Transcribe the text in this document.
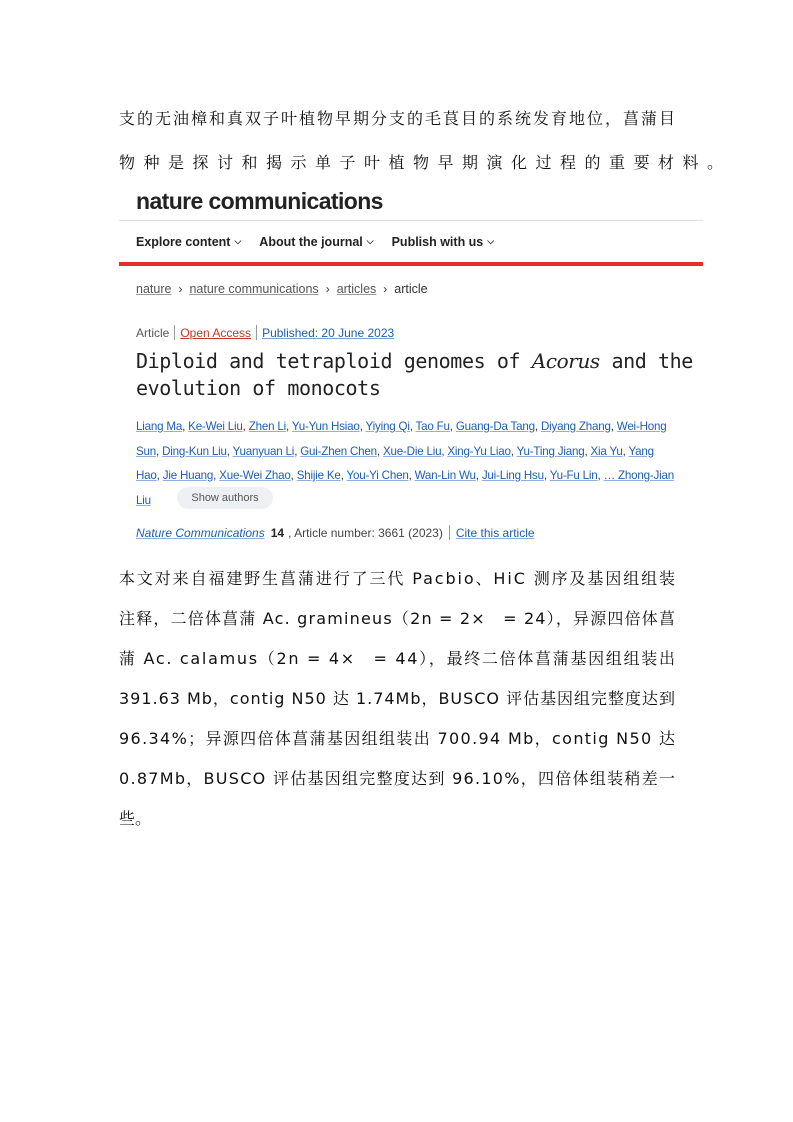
支的无油樟和真双子叶植物早期分支的毛茛目的系统发育地位，菖蒲目
物种是探讨和揭示单子叶植物早期演化过程的重要材料。
nature communications
Explore content ⌵ About the journal ⌵ Publish with us ⌵
nature › nature communications › articles › article
Article Open Access Published: 20 June 2023
Diploid and tetraploid genomes of Acorus and the
evolution of monocots
Liang Ma, Ke-Wei Liu, Zhen Li, Yu-Yun Hsiao, Yiying Qi, Tao Fu, Guang-Da Tang, Diyang Zhang, Wei-Hong
Sun, Ding-Kun Liu, Yuanyuan Li, Gui-Zhen Chen, Xue-Die Liu, Xing-Yu Liao, Yu-Ting Jiang, Xia Yu, Yang
Hao, Jie Huang, Xue-Wei Zhao, Shijie Ke, You-Yi Chen, Wan-Lin Wu, Jui-Ling Hsu, Yu-Fu Lin, … Zhong-Jian
Liu	Show authors
Nature Communications 14 , Article number: 3661 (2023) Cite this article
本文对来自福建野生菖蒲进行了三代 Pacbio、HiC 测序及基因组组装
注释，二倍体菖蒲 Ac. gramineus（2n = 2×　= 24），异源四倍体菖
蒲 Ac. calamus（2n = 4×　= 44），最终二倍体菖蒲基因组组装出
391.63 Mb，contig N50 达 1.74Mb，BUSCO 评估基因组完整度达到
96.34%；异源四倍体菖蒲基因组组装出 700.94 Mb，contig N50 达
0.87Mb，BUSCO 评估基因组完整度达到 96.10%，四倍体组装稍差一
些。
